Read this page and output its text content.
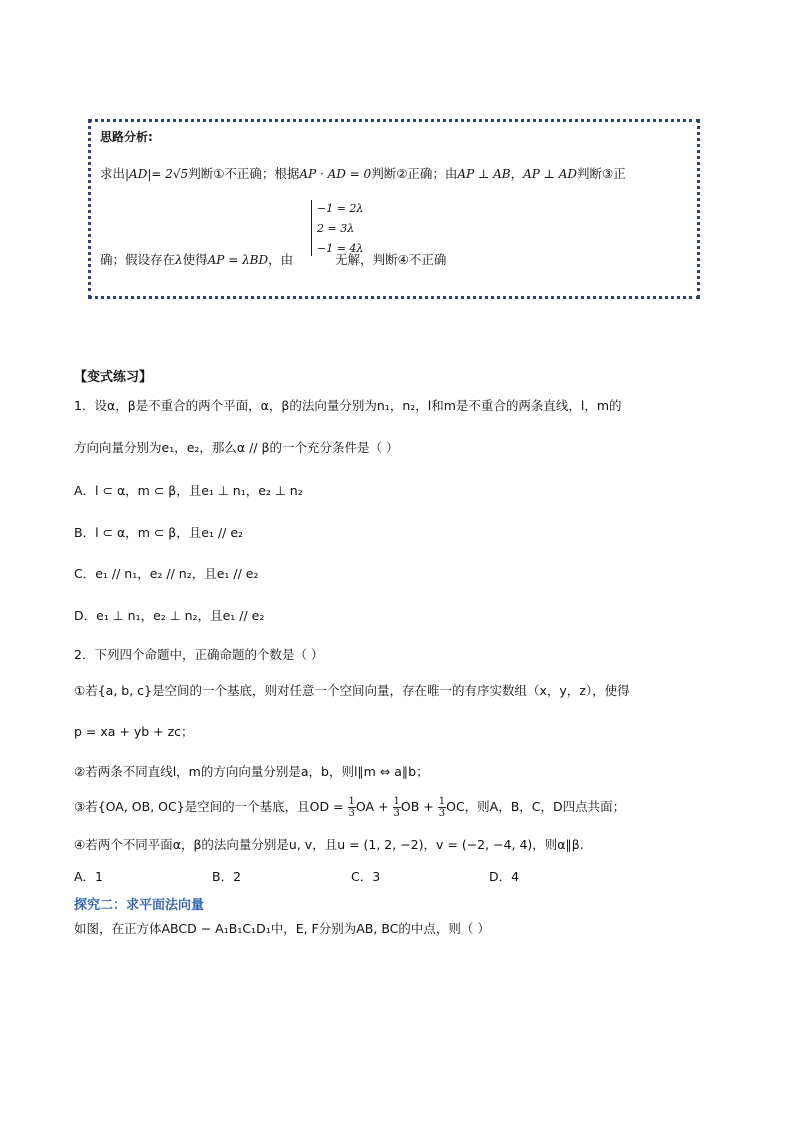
思路分析:
求出|AD|= 2√5判断①不正确；根据AP · AD = 0判断②正确；由AP ⊥ AB，AP ⊥ AD判断③正
−1 = 2λ
2 = 3λ
−1 = 4λ
确；假设存在λ使得AP = λBD，由	无解，判断④不正确
【变式练习】
1．设α，β是不重合的两个平面，α，β的法向量分别为n₁，n₂，l和m是不重合的两条直线，l，m的
方向向量分别为e₁，e₂，那么α // β的一个充分条件是（ ）
A．l ⊂ α，m ⊂ β，且e₁ ⊥ n₁，e₂ ⊥ n₂
B．l ⊂ α，m ⊂ β，且e₁ // e₂
C．e₁ // n₁，e₂ // n₂，且e₁ // e₂
D．e₁ ⊥ n₁，e₂ ⊥ n₂，且e₁ // e₂
2．下列四个命题中，正确命题的个数是（ ）
①若{a, b, c}是空间的一个基底，则对任意一个空间向量，存在唯一的有序实数组（x，y，z），使得
p = xa + yb + zc；
②若两条不同直线l，m的方向向量分别是a，b，则l∥m ⇔ a∥b；
③若{OA, OB, OC}是空间的一个基底，且OD = $\frac{1}{3}$ OA + $\frac{1}{3}$ OB + $\frac{1}{3}$ OC，则A，B，C，D四点共面；
④若两个不同平面α，β的法向量分别是u, v，且u = (1, 2, −2)，v = (−2, −4, 4)，则α∥β.
A．1	B．2	C．3	D．4
探究二：求平面法向量
如图，在正方体ABCD − A₁B₁C₁D₁中，E, F分别为AB, BC的中点，则（ ）
